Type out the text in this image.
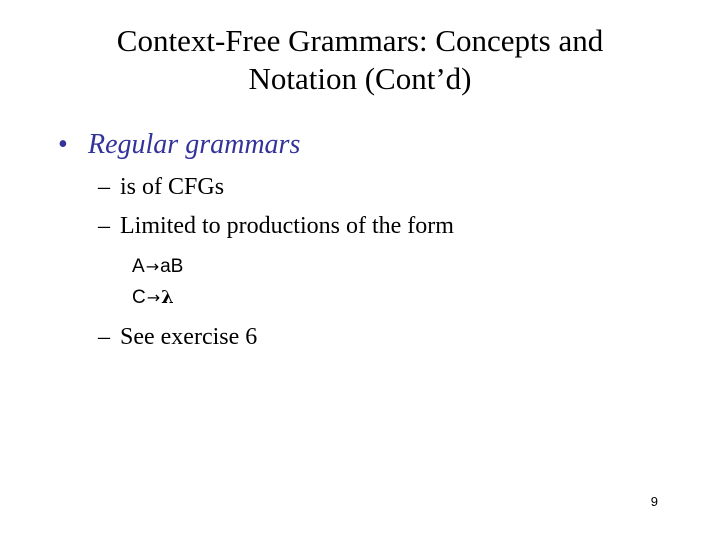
Context-Free Grammars: Concepts and
Notation (Cont’d)
• Regular grammars
– is of CFGs
– Limited to productions of the form
A→aB
C→λ
– See exercise 6
9
